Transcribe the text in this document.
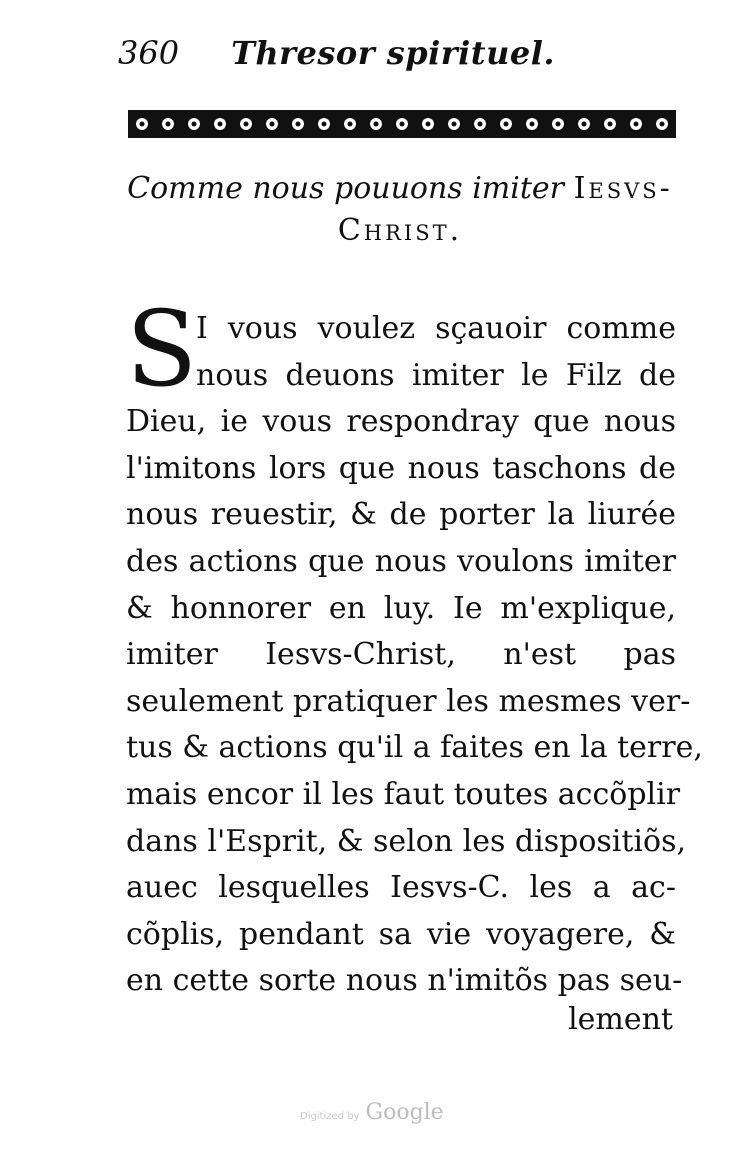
360 Thresor spirituel.
Comme nous pouuons imiter Iesvs-
Christ.
S
I vous voulez sçauoir comme
nous deuons imiter le Filz de
Dieu, ie vous respondray que nous
l'imitons lors que nous taschons de
nous reuestir, & de porter la liurée
des actions que nous voulons imiter
& honnorer en luy. Ie m'explique,
imiter Iesvs-Christ, n'est pas
seulement pratiquer les mesmes ver-
tus & actions qu'il a faites en la terre,
mais encor il les faut toutes accõplir
dans l'Esprit, & selon les dispositiõs,
auec lesquelles Iesvs-C. les a ac-
cõplis, pendant sa vie voyagere, &
en cette sorte nous n'imitõs pas seu-
lement
Digitized by Google
